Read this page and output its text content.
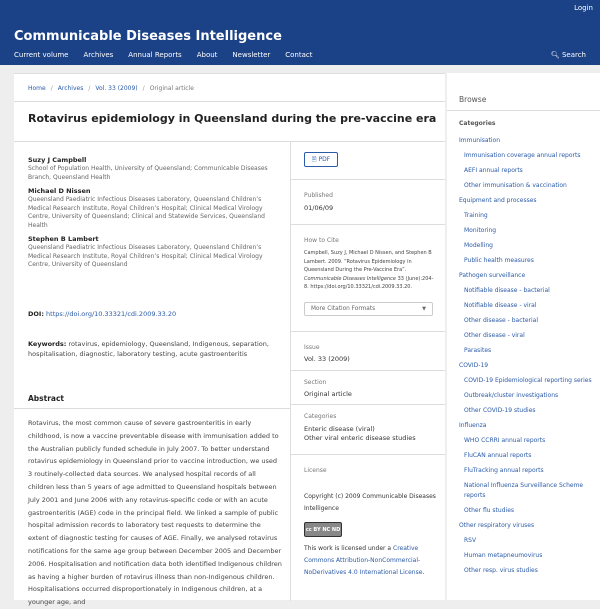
Login
Communicable Diseases Intelligence
Current volume Archives Annual Reports About Newsletter Contact	🔍︎ Search
Home / Archives / Vol. 33 (2009) / Original article
Rotavirus epidemiology in Queensland during the pre-vaccine era
Suzy J Campbell
School of Population Health, University of Queensland; Communicable Diseases Branch, Queensland Health
Michael D Nissen
Queensland Paediatric Infectious Diseases Laboratory, Queensland Children’s Medical Research Institute, Royal Children’s Hospital; Clinical Medical Virology Centre, University of Queensland; Clinical and Statewide Services, Queensland Health
Stephen B Lambert
Queensland Paediatric Infectious Diseases Laboratory, Queensland Children’s Medical Research Institute, Royal Children’s Hospital; Clinical Medical Virology Centre, University of Queensland
DOI: https://doi.org/10.33321/cdi.2009.33.20
Keywords: rotavirus, epidemiology, Queensland, Indigenous, separation, hospitalisation, diagnostic, laboratory testing, acute gastroenteritis
Abstract
Rotavirus, the most common cause of severe gastroenteritis in early childhood, is now a vaccine preventable disease with immunisation added to the Australian publicly funded schedule in July 2007. To better understand rotavirus epidemiology in Queensland prior to vaccine introduction, we used 3 routinely-collected data sources. We analysed hospital records of all children less than 5 years of age admitted to Queensland hospitals between July 2001 and June 2006 with any rotavirus-specific code or with an acute gastroenteritis (AGE) code in the principal field. We linked a sample of public hospital admission records to laboratory test requests to determine the extent of diagnostic testing for causes of AGE. Finally, we analysed rotavirus notifications for the same age group between December 2005 and December 2006. Hospitalisation and notification data both identified Indigenous children as having a higher burden of rotavirus illness than non-Indigenous children. Hospitalisations occurred disproportionately in Indigenous children, at a younger age, and
🗎︎ PDF
Published
01/06/09
How to Cite
Campbell, Suzy J, Michael D Nissen, and Stephen B Lambert. 2009. “Rotavirus Epidemiology in Queensland During the Pre-Vaccine Era”. Communicable Diseases Intelligence 33 (June):204-8. https://doi.org/10.33321/cdi.2009.33.20.
More Citation Formats	▼
Issue
Vol. 33 (2009)
Section
Original article
Categories
Enteric disease (viral)
Other viral enteric disease studies
License
Copyright (c) 2009 Communicable Diseases Intelligence
cc BY NC ND
This work is licensed under a Creative Commons Attribution-NonCommercial-NoDerivatives 4.0 International License.
Browse
Categories
Immunisation
Immunisation coverage annual reports
AEFI annual reports
Other immunisation & vaccination
Equipment and processes
Training
Monitoring
Modelling
Public health measures
Pathogen surveillance
Notifiable disease - bacterial
Notifiable disease - viral
Other disease - bacterial
Other disease - viral
Parasites
COVID-19
COVID-19 Epidemiological reporting series
Outbreak/cluster investigations
Other COVID-19 studies
Influenza
WHO CCRRI annual reports
FluCAN annual reports
FluTracking annual reports
National Influenza Surveillance Scheme reports
Other flu studies
Other respiratory viruses
RSV
Human metapneumovirus
Other resp. virus studies
